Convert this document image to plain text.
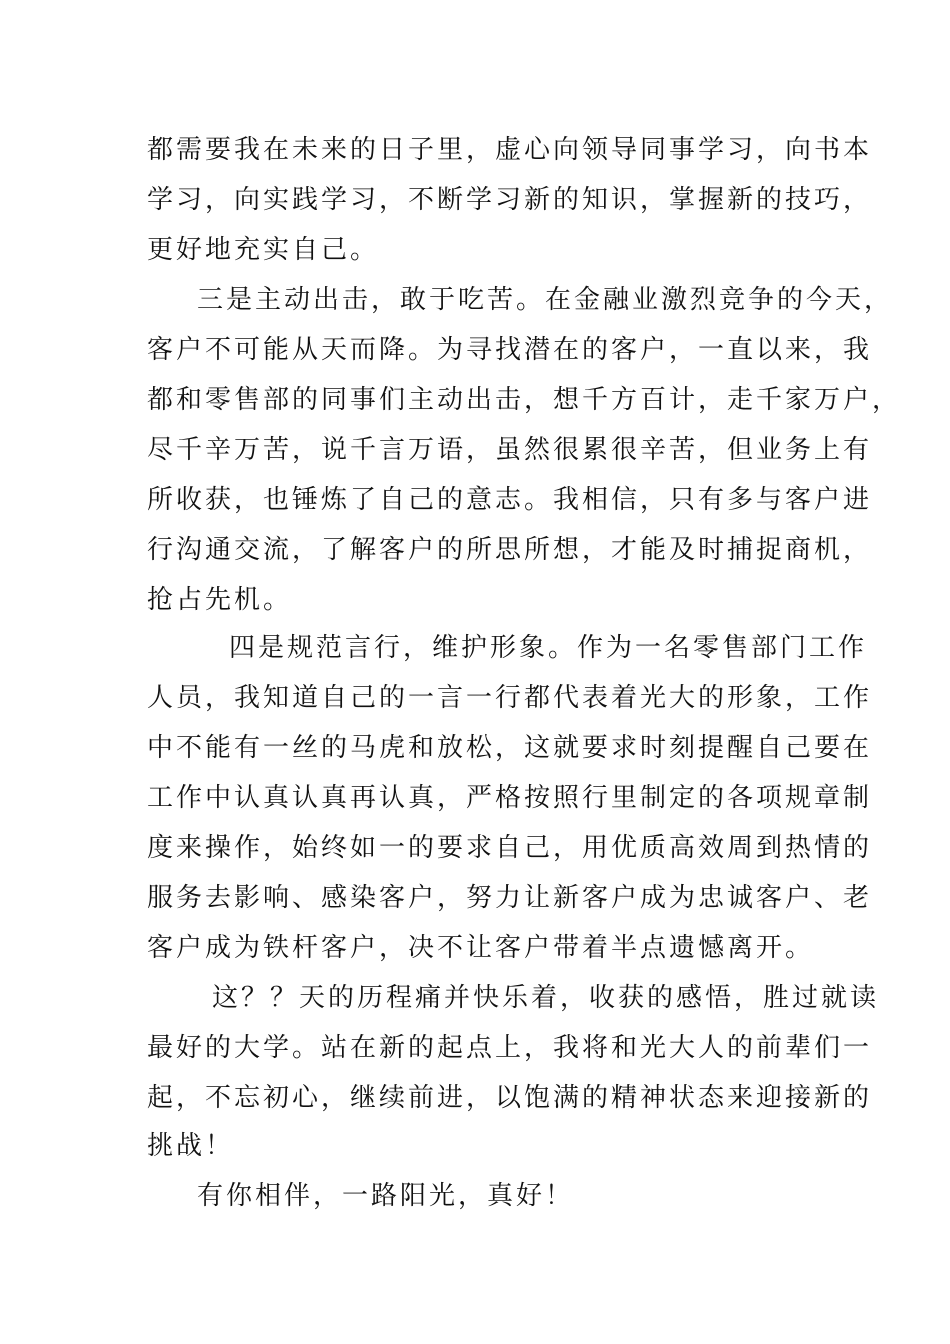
都需要我在未来的日子里，虚心向领导同事学习，向书本
学习，向实践学习，不断学习新的知识，掌握新的技巧，
更好地充实自己。
三是主动出击，敢于吃苦。在金融业激烈竞争的今天，
客户不可能从天而降。为寻找潜在的客户，一直以来，我
都和零售部的同事们主动出击，想千方百计，走千家万户，
尽千辛万苦，说千言万语，虽然很累很辛苦，但业务上有
所收获，也锤炼了自己的意志。我相信，只有多与客户进
行沟通交流，了解客户的所思所想，才能及时捕捉商机，
抢占先机。
四是规范言行，维护形象。作为一名零售部门工作
人员，我知道自己的一言一行都代表着光大的形象，工作
中不能有一丝的马虎和放松，这就要求时刻提醒自己要在
工作中认真认真再认真，严格按照行里制定的各项规章制
度来操作，始终如一的要求自己，用优质高效周到热情的
服务去影响、感染客户，努力让新客户成为忠诚客户、老
客户成为铁杆客户，决不让客户带着半点遗憾离开。
这？？天的历程痛并快乐着，收获的感悟，胜过就读
最好的大学。站在新的起点上，我将和光大人的前辈们一
起，不忘初心，继续前进，以饱满的精神状态来迎接新的
挑战！
有你相伴，一路阳光，真好！
